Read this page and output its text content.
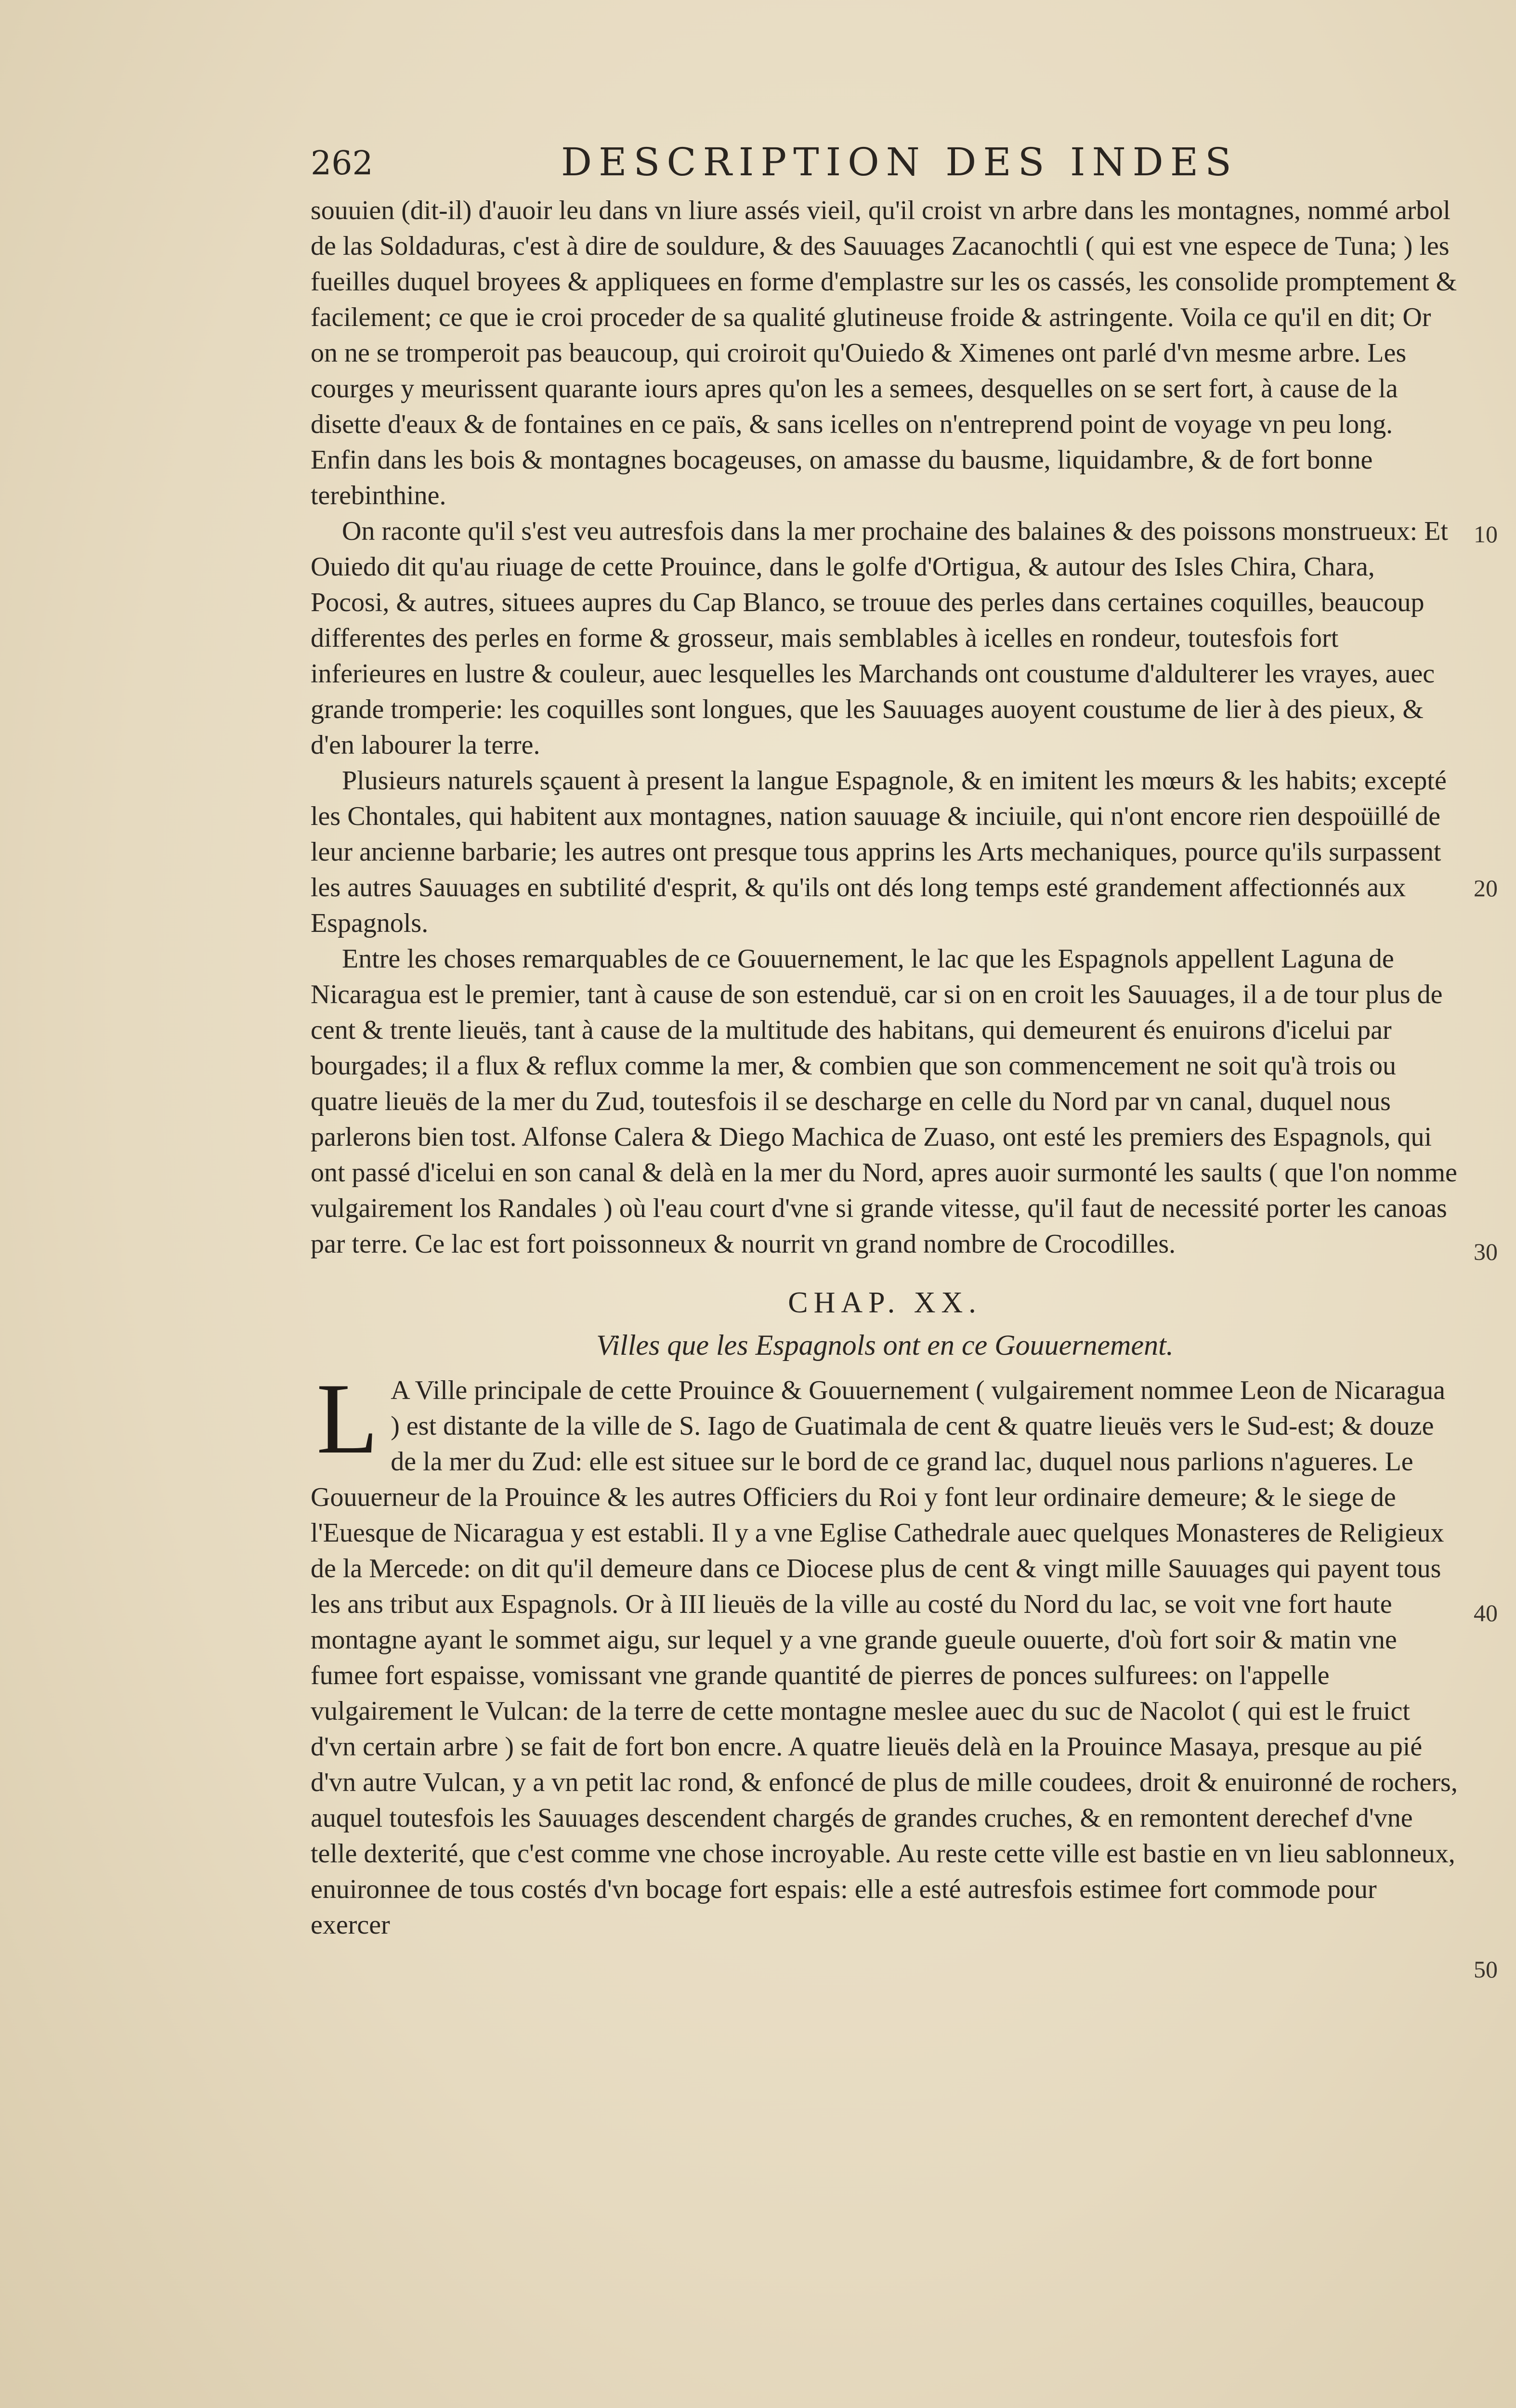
262	DESCRIPTION DES INDES

souuien (dit-il) d'auoir leu dans vn liure assés vieil, qu'il croist vn arbre dans les montagnes, nommé arbol de las Soldaduras, c'est à dire de souldure, & des Sauuages Zacanochtli ( qui est vne espece de Tuna; ) les fueilles duquel broyees & appliquees en forme d'emplastre sur les os cassés, les consolide promptement & facilement; ce que ie croi proceder de sa qualité glutineuse froide & astringente. Voila ce qu'il en dit; Or on ne se tromperoit pas beaucoup, qui croiroit qu'Ouiedo & Ximenes ont parlé d'vn mesme arbre. Les courges y meurissent quarante iours apres qu'on les a semees, desquelles on se sert fort, à cause de la disette d'eaux & de fontaines en ce païs, & sans icelles on n'entreprend point de voyage vn peu long. Enfin dans les bois & montagnes bocageuses, on amasse du bausme, liquidambre, & de fort bonne terebinthine.

On raconte qu'il s'est veu autresfois dans la mer prochaine des balaines & des poissons monstrueux: Et Ouiedo dit qu'au riuage de cette Prouince, dans le golfe d'Ortigua, & autour des Isles Chira, Chara, Pocosi, & autres, situees aupres du Cap Blanco, se trouue des perles dans certaines coquilles, beaucoup differentes des perles en forme & grosseur, mais semblables à icelles en rondeur, toutesfois fort inferieures en lustre & couleur, auec lesquelles les Marchands ont coustume d'aldulterer les vrayes, auec grande tromperie: les coquilles sont longues, que les Sauuages auoyent coustume de lier à des pieux, & d'en labourer la terre.

Plusieurs naturels sçauent à present la langue Espagnole, & en imitent les mœurs & les habits; excepté les Chontales, qui habitent aux montagnes, nation sauuage & inciuile, qui n'ont encore rien despoüillé de leur ancienne barbarie; les autres ont presque tous apprins les Arts mechaniques, pource qu'ils surpassent les autres Sauuages en subtilité d'esprit, & qu'ils ont dés long temps esté grandement affectionnés aux Espagnols.

Entre les choses remarquables de ce Gouuernement, le lac que les Espagnols appellent Laguna de Nicaragua est le premier, tant à cause de son estenduë, car si on en croit les Sauuages, il a de tour plus de cent & trente lieuës, tant à cause de la multitude des habitans, qui demeurent és enuirons d'icelui par bourgades; il a flux & reflux comme la mer, & combien que son commencement ne soit qu'à trois ou quatre lieuës de la mer du Zud, toutesfois il se descharge en celle du Nord par vn canal, duquel nous parlerons bien tost. Alfonse Calera & Diego Machica de Zuaso, ont esté les premiers des Espagnols, qui ont passé d'icelui en son canal & delà en la mer du Nord, apres auoir surmonté les saults ( que l'on nomme vulgairement los Randales ) où l'eau court d'vne si grande vitesse, qu'il faut de necessité porter les canoas par terre. Ce lac est fort poissonneux & nourrit vn grand nombre de Crocodilles.

CHAP. XX.
Villes que les Espagnols ont en ce Gouuernement.
L A Ville principale de cette Prouince & Gouuernement ( vulgairement nommee Leon de Nicaragua ) est distante de la ville de S. Iago de Guatimala de cent & quatre lieuës vers le Sud-est; & douze de la mer du Zud: elle est situee sur le bord de ce grand lac, duquel nous parlions n'agueres. Le Gouuerneur de la Prouince & les autres Officiers du Roi y font leur ordinaire demeure; & le siege de l'Euesque de Nicaragua y est establi. Il y a vne Eglise Cathedrale auec quelques Monasteres de Religieux de la Mercede: on dit qu'il demeure dans ce Diocese plus de cent & vingt mille Sauuages qui payent tous les ans tribut aux Espagnols. Or à III lieuës de la ville au costé du Nord du lac, se voit vne fort haute montagne ayant le sommet aigu, sur lequel y a vne grande gueule ouuerte, d'où fort soir & matin vne fumee fort espaisse, vomissant vne grande quantité de pierres de ponces sulfurees: on l'appelle vulgairement le Vulcan: de la terre de cette montagne meslee auec du suc de Nacolot ( qui est le fruict d'vn certain arbre ) se fait de fort bon encre. A quatre lieuës delà en la Prouince Masaya, presque au pié d'vn autre Vulcan, y a vn petit lac rond, & enfoncé de plus de mille coudees, droit & enuironné de rochers, auquel toutesfois les Sauuages descendent chargés de grandes cruches, & en remontent derechef d'vne telle dexterité, que c'est comme vne chose incroyable. Au reste cette ville est bastie en vn lieu sablonneux, enuironnee de tous costés d'vn bocage fort espais: elle a esté autresfois estimee fort commode pour exercer
10
20
30
40
50
